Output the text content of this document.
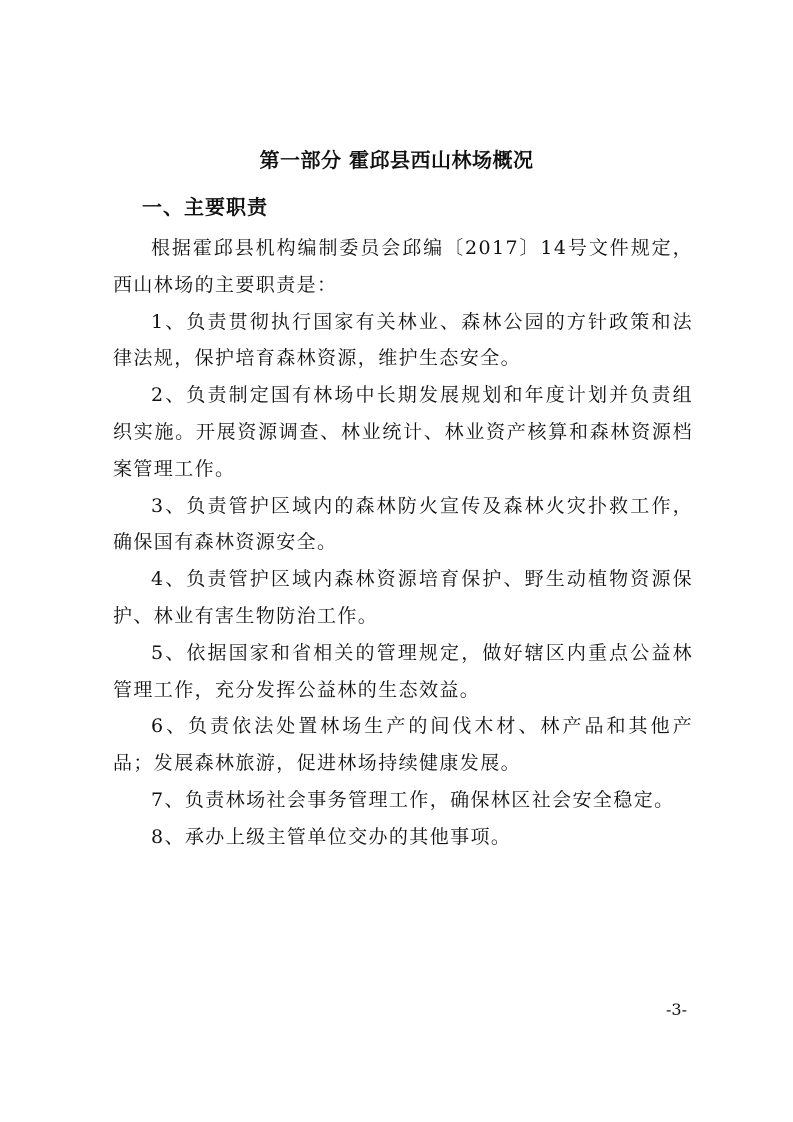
第一部分 霍邱县西山林场概况
一、主要职责

根据霍邱县机构编制委员会邱编〔2017〕14号文件规定，西山林场的主要职责是：

1、负责贯彻执行国家有关林业、森林公园的方针政策和法律法规，保护培育森林资源，维护生态安全。

2、负责制定国有林场中长期发展规划和年度计划并负责组织实施。开展资源调查、林业统计、林业资产核算和森林资源档案管理工作。

3、负责管护区域内的森林防火宣传及森林火灾扑救工作，确保国有森林资源安全。

4、负责管护区域内森林资源培育保护、野生动植物资源保护、林业有害生物防治工作。

5、依据国家和省相关的管理规定，做好辖区内重点公益林管理工作，充分发挥公益林的生态效益。

6、负责依法处置林场生产的间伐木材、林产品和其他产品；发展森林旅游，促进林场持续健康发展。

7、负责林场社会事务管理工作，确保林区社会安全稳定。

8、承办上级主管单位交办的其他事项。

-3-
